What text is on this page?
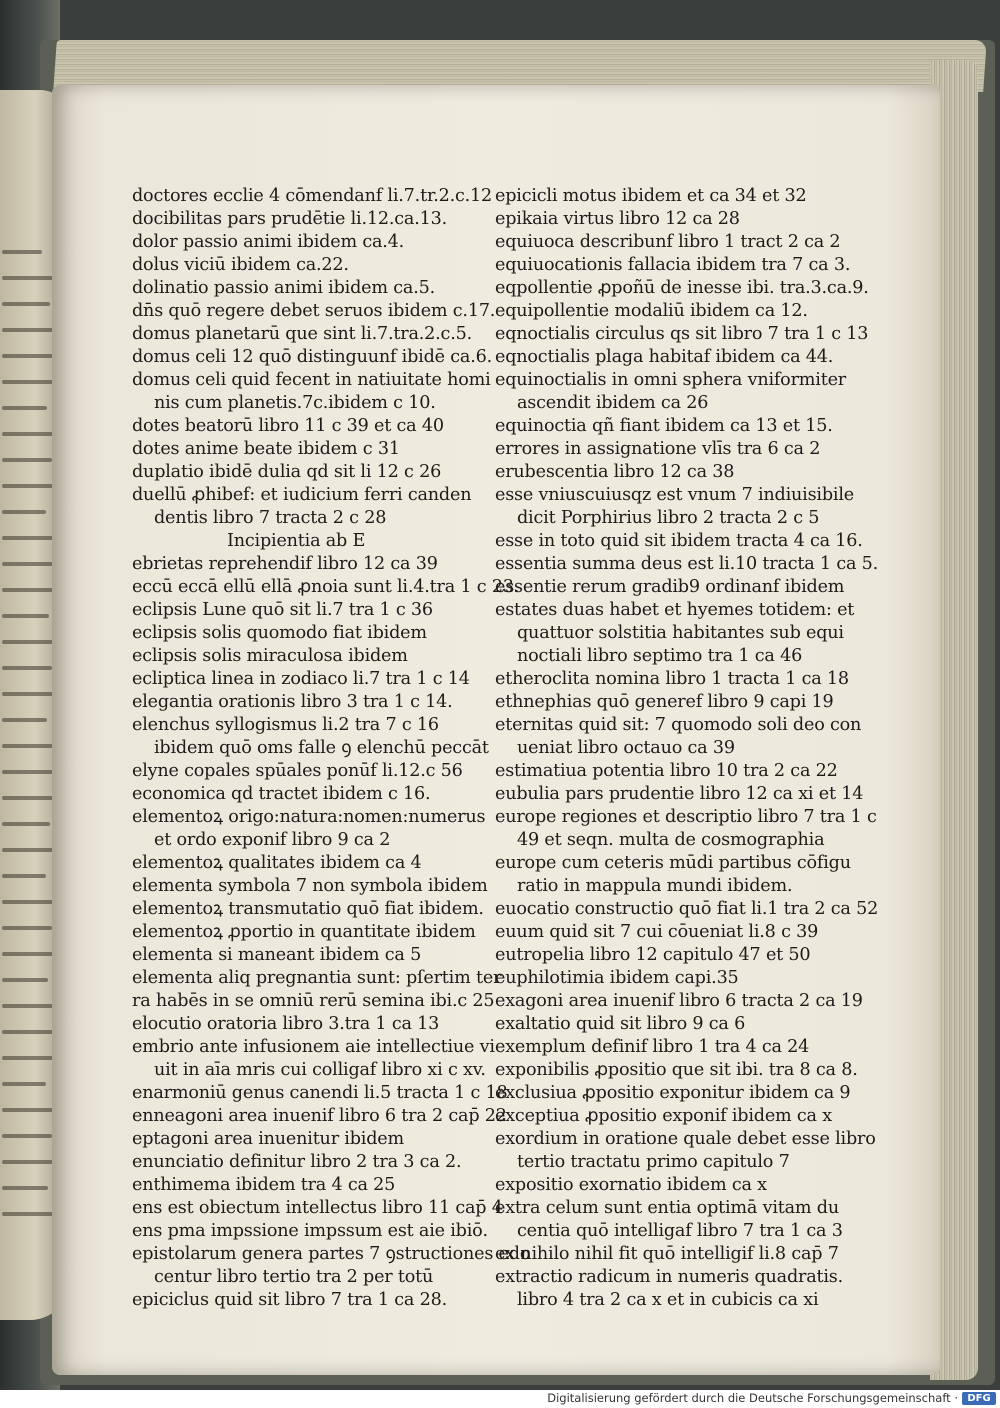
doctores ecclie 4 cōmendanf li.7.tr.2.c.12
docibilitas pars prudētie li.12.ca.13.
dolor passio animi ibidem ca.4.
dolus viciū ibidem ca.22.
dolinatio passio animi ibidem ca.5.
dn̄s quō regere debet seruos ibidem c.17.
domus planetarū que sint li.7.tra.2.c.5.
domus celi 12 quō distinguunf ibidē ca.6.
domus celi quid fecent in natiuitate homi
nis cum planetis.7c.ibidem c 10.
dotes beatorū libro 11 c 39 et ca 40
dotes anime beate ibidem c 31
duplatio ibidē dulia qd sit li 12 c 26
duellū ꝓhibef: et iudicium ferri canden
dentis libro 7 tracta 2 c 28
Incipientia ab E
ebrietas reprehendif libro 12 ca 39
eccū eccā ellū ellā ꝓnoia sunt li.4.tra 1 c 23.
eclipsis Lune quō sit li.7 tra 1 c 36
eclipsis solis quomodo fiat ibidem
eclipsis solis miraculosa ibidem
ecliptica linea in zodiaco li.7 tra 1 c 14
elegantia orationis libro 3 tra 1 c 14.
elenchus syllogismus li.2 tra 7 c 16
ibidem quō oms falle ꝯ elenchū peccāt
elyne copales spūales ponūf li.12.c 56
economica qd tractet ibidem c 16.
elementoꝝ origo:natura:nomen:numerus
et ordo exponif libro 9 ca 2
elementoꝝ qualitates ibidem ca 4
elementa symbola 7 non symbola ibidem
elementoꝝ transmutatio quō fiat ibidem.
elementoꝝ ꝓportio in quantitate ibidem
elementa si maneant ibidem ca 5
elementa aliq pregnantia sunt: pſertim ter
ra habēs in se omniū rerū semina ibi.c 25
elocutio oratoria libro 3.tra 1 ca 13
embrio ante infusionem aie intellectiue vi
uit in aīa mris cui colligaf libro xi c xv.
enarmoniū genus canendi li.5 tracta 1 c 18
enneagoni area inuenif libro 6 tra 2 cap̄ 22
eptagoni area inuenitur ibidem
enunciatio definitur libro 2 tra 3 ca 2.
enthimema ibidem tra 4 ca 25
ens est obiectum intellectus libro 11 cap̄ 4
ens pma impssione impssum est aie ibiō.
epistolarum genera partes 7 ꝯstructiones edo
centur libro tertio tra 2 per totū
epiciclus quid sit libro 7 tra 1 ca 28.
epicicli motus ibidem et ca 34 et 32
epikaia virtus libro 12 ca 28
equiuoca describunf libro 1 tract 2 ca 2
equiuocationis fallacia ibidem tra 7 ca 3.
eqpollentie ꝓpoñū de inesse ibi. tra.3.ca.9.
equipollentie modaliū ibidem ca 12.
eqnoctialis circulus qs sit libro 7 tra 1 c 13
eqnoctialis plaga habitaf ibidem ca 44.
equinoctialis in omni sphera vniformiter
ascendit ibidem ca 26
equinoctia qñ fiant ibidem ca 13 et 15.
errores in assignatione vlīs tra 6 ca 2
erubescentia libro 12 ca 38
esse vniuscuiusqz est vnum 7 indiuisibile
dicit Porphirius libro 2 tracta 2 c 5
esse in toto quid sit ibidem tracta 4 ca 16.
essentia summa deus est li.10 tracta 1 ca 5.
essentie rerum gradib9 ordinanf ibidem
estates duas habet et hyemes totidem: et
quattuor solstitia habitantes sub equi
noctiali libro septimo tra 1 ca 46
etheroclita nomina libro 1 tracta 1 ca 18
ethnephias quō generef libro 9 capi 19
eternitas quid sit: 7 quomodo soli deo con
ueniat libro octauo ca 39
estimatiua potentia libro 10 tra 2 ca 22
eubulia pars prudentie libro 12 ca xi et 14
europe regiones et descriptio libro 7 tra 1 c
49 et seqn. multa de cosmographia
europe cum ceteris mūdi partibus cōfigu
ratio in mappula mundi ibidem.
euocatio constructio quō fiat li.1 tra 2 ca 52
euum quid sit 7 cui cōueniat li.8 c 39
eutropelia libro 12 capitulo 47 et 50
euphilotimia ibidem capi.35
exagoni area inuenif libro 6 tracta 2 ca 19
exaltatio quid sit libro 9 ca 6
exemplum definif libro 1 tra 4 ca 24
exponibilis ꝓpositio que sit ibi. tra 8 ca 8.
exclusiua ꝓpositio exponitur ibidem ca 9
exceptiua ꝓpositio exponif ibidem ca x
exordium in oratione quale debet esse libro
tertio tractatu primo capitulo 7
expositio exornatio ibidem ca x
extra celum sunt entia optimā vitam du
centia quō intelligaf libro 7 tra 1 ca 3
ex nihilo nihil fit quō intelligif li.8 cap̄ 7
extractio radicum in numeris quadratis.
libro 4 tra 2 ca x et in cubicis ca xi
Digitalisierung gefördert durch die Deutsche Forschungsgemeinschaft · DFG
